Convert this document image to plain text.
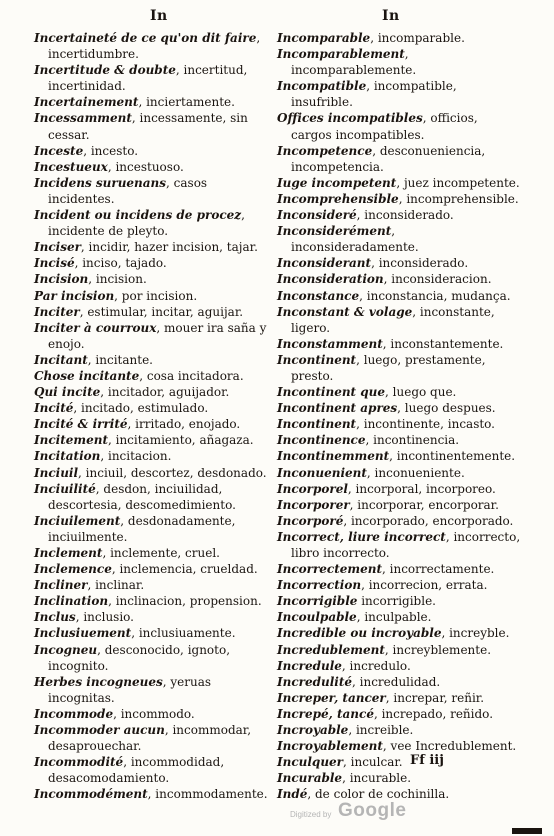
In	In

Incertaineté de ce qu'on dit faire, incertidumbre.

Incertitude & doubte, incertitud, incertinidad.

Incertainement, inciertamente.

Incessamment, incessamente, sin cessar.

Inceste, incesto.

Incestueux, incestuoso.

Incidens suruenans, casos incidentes.

Incident ou incidens de procez, incidente de pleyto.

Inciser, incidir, hazer incision, tajar.

Incisé, inciso, tajado.

Incision, incision.

Par incision, por incision.

Inciter, estimular, incitar, aguijar.

Inciter à courroux, mouer ira saña y enojo.

Incitant, incitante.

Chose incitante, cosa incitadora.

Qui incite, incitador, aguijador.

Incité, incitado, estimulado.

Incité & irrité, irritado, enojado.

Incitement, incitamiento, añagaza.

Incitation, incitacion.

Inciuil, inciuil, descortez, desdonado.

Inciuilité, desdon, inciuilidad, descortesia, descomedimiento.

Inciuilement, desdonadamente, inciuilmente.

Inclement, inclemente, cruel.

Inclemence, inclemencia, crueldad.

Incliner, inclinar.

Inclination, inclinacion, propension.

Inclus, inclusio.

Inclusiuement, inclusiuamente.

Incogneu, desconocido, ignoto, incognito.

Herbes incogneues, yeruas incognitas.

Incommode, incommodo.

Incommoder aucun, incommodar, desaprouechar.

Incommodité, incommodidad, desacomodamiento.

Incommodément, incommodamente.

Incomparable, incomparable.

Incomparablement, incomparablemente.

Incompatible, incompatible, insufrible.

Offices incompatibles, officios, cargos incompatibles.

Incompetence, desconueniencia, incompetencia.

Iuge incompetent, juez incompetente.

Incomprehensible, incomprehensible.

Inconsideré, inconsiderado.

Inconsiderément, inconsideradamente.

Inconsiderant, inconsiderado.

Inconsideration, inconsideracion.

Inconstance, inconstancia, mudança.

Inconstant & volage, inconstante, ligero.

Inconstamment, inconstantemente.

Incontinent, luego, prestamente, presto.

Incontinent que, luego que.

Incontinent apres, luego despues.

Incontinent, incontinente, incasto.

Incontinence, incontinencia.

Incontinemment, incontinentemente.

Inconuenient, inconueniente.

Incorporel, incorporal, incorporeo.

Incorporer, incorporar, encorporar.

Incorporé, incorporado, encorporado.

Incorrect, liure incorrect, incorrecto, libro incorrecto.

Incorrectement, incorrectamente.

Incorrection, incorrecion, errata.

Incorrigible incorrigible.

Incoulpable, inculpable.

Incredible ou incroyable, increyble.

Incredublement, increyblemente.

Incredule, incredulo.

Incredulité, incredulidad.

Increper, tancer, increpar, reñir.

Increpé, tancé, increpado, reñido.

Incroyable, increible.

Incroyablement, vee Incredublement.

Inculquer, inculcar.

Incurable, incurable.

Indé, de color de cochinilla.

Ff iij
Digitized by Google
